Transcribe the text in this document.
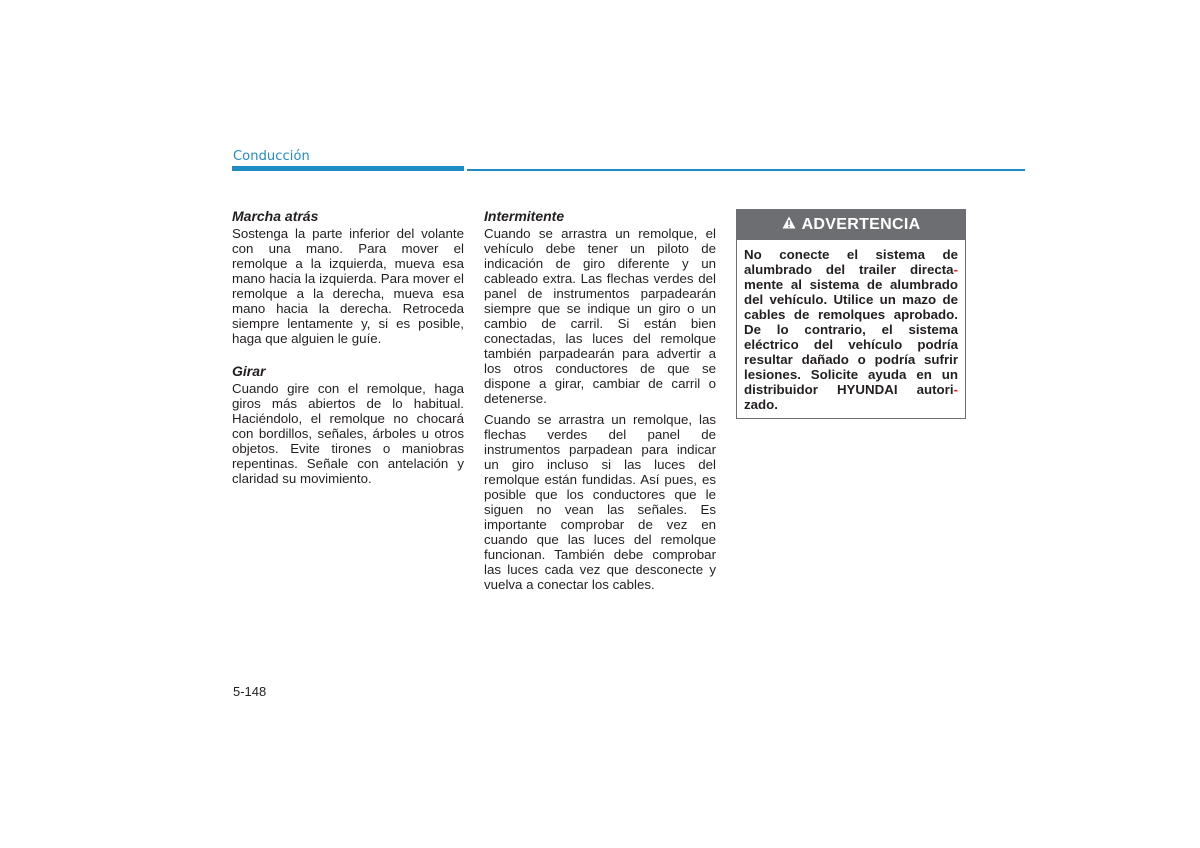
Conducción
Marcha atrás

Sostenga la parte inferior del volante con una mano. Para mover el remolque a la izquierda, mueva esa mano hacia la izquierda. Para mover el remolque a la derecha, mueva esa mano hacia la derecha. Retroceda siempre lentamente y, si es posible, haga que alguien le guíe.

Girar

Cuando gire con el remolque, haga giros más abiertos de lo habitual. Haciéndolo, el remolque no chocará con bordillos, señales, árboles u otros objetos. Evite tirones o maniobras repentinas. Señale con antelación y claridad su movimiento.

Intermitente

Cuando se arrastra un remolque, el vehículo debe tener un piloto de indicación de giro diferente y un cableado extra. Las flechas verdes del panel de instrumentos parpadearán siempre que se indique un giro o un cambio de carril. Si están bien conectadas, las luces del remolque también parpadearán para advertir a los otros conductores de que se dispone a girar, cambiar de carril o detenerse.

Cuando se arrastra un remolque, las flechas verdes del panel de instrumentos parpadean para indicar un giro incluso si las luces del remolque están fundidas. Así pues, es posible que los conductores que le siguen no vean las señales. Es importante comprobar de vez en cuando que las luces del remolque funcionan. También debe comprobar las luces cada vez que desconecte y vuelva a conectar los cables.

ADVERTENCIA
No conecte el sistema de
alumbrado del trailer directa-
mente al sistema de alumbrado
del vehículo. Utilice un mazo de
cables de remolques aprobado.
De lo contrario, el sistema
eléctrico del vehículo podría
resultar dañado o podría sufrir
lesiones. Solicite ayuda en un
distribuidor HYUNDAI autori-
zado.
5-148
